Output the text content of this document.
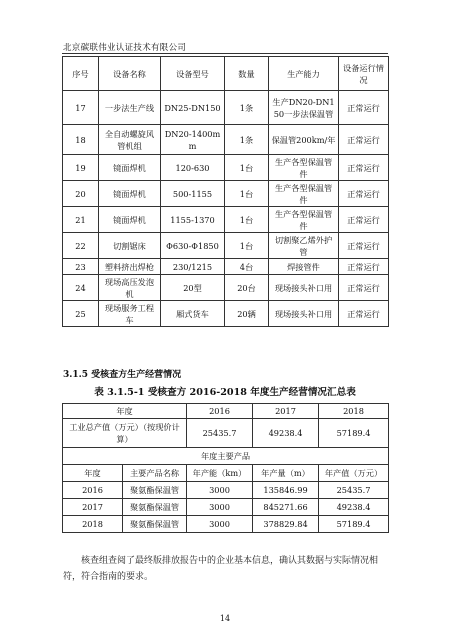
北京碳联伟业认证技术有限公司
序号	设备名称	设备型号	数量	生产能力	设备运行情况
17	一步法生产线	DN25-DN150	1条	生产DN20-DN150一步法保温管	正常运行
18	全自动螺旋风管机组	DN20-1400mm	1条	保温管200km/年	正常运行
19	镜面焊机	120-630	1台	生产各型保温管件	正常运行
20	镜面焊机	500-1155	1台	生产各型保温管件	正常运行
21	镜面焊机	1155-1370	1台	生产各型保温管件	正常运行
22	切割锯床	Φ630-Φ1850	1台	切割聚乙烯外护管	正常运行
23	塑料挤出焊枪	230/1215	4台	焊接管件	正常运行
24	现场高压发泡机	20型	20台	现场接头补口用	正常运行
25	现场服务工程车	厢式货车	20辆	现场接头补口用	正常运行
3.1.5 受核查方生产经营情况
表 3.1.5-1 受核查方 2016-2018 年度生产经营情况汇总表
年度		2016	2017	2018
工业总产值（万元）（按现价计算）		25435.7	49238.4	57189.4
年度主要产品				
年度	主要产品名称	年产能（km）	年产量（m）	年产值（万元）
2016	聚氨酯保温管	3000	135846.99	25435.7
2017	聚氨酯保温管	3000	845271.66	49238.4
2018	聚氨酯保温管	3000	378829.84	57189.4
核查组查阅了最终版排放报告中的企业基本信息，确认其数据与实际情况相符，符合指南的要求。
14
